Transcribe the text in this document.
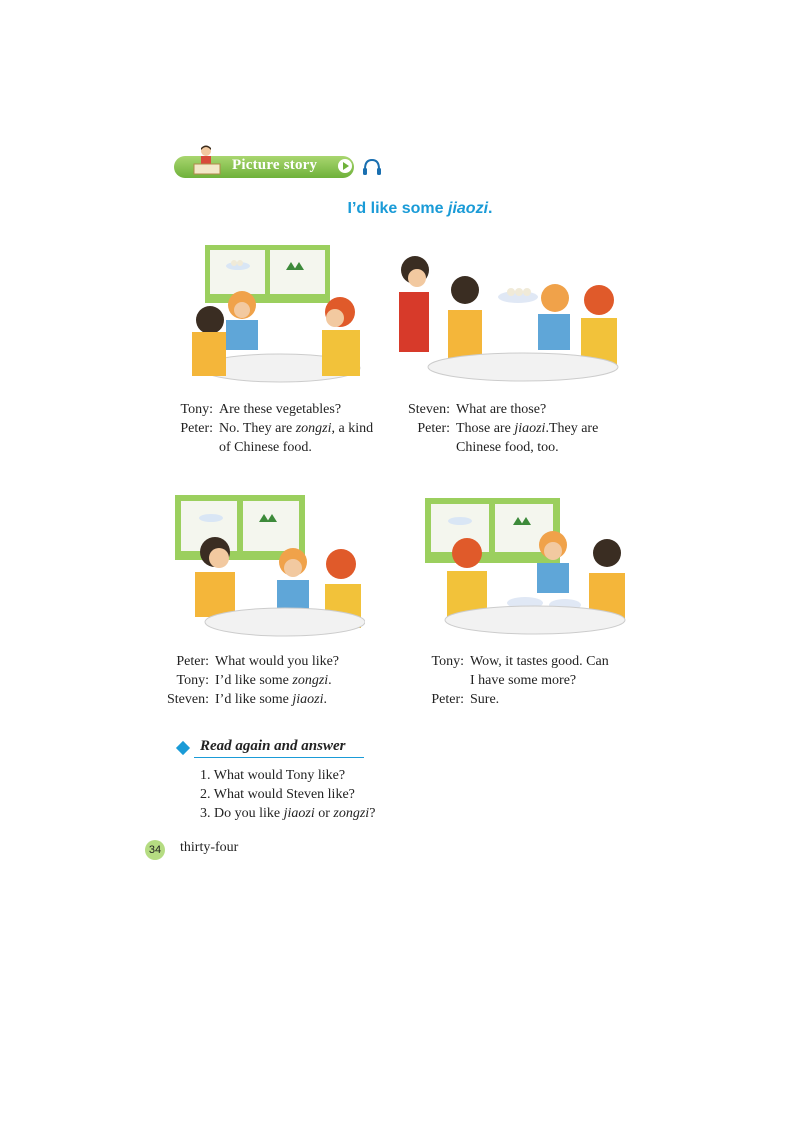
Picture story
I’d like some jiaozi.
Tony: Are these vegetables?
Peter: No. They are zongzi, a kind
of Chinese food.
Steven: What are those?
Peter: Those are jiaozi.They are
Chinese food, too.
Peter: What would you like?
Tony: I’d like some zongzi.
Steven: I’d like some jiaozi.
Tony: Wow, it tastes good. Can
I have some more?
Peter: Sure.
Read again and answer
1. What would Tony like?
2. What would Steven like?
3. Do you like jiaozi or zongzi?
34 thirty-four
